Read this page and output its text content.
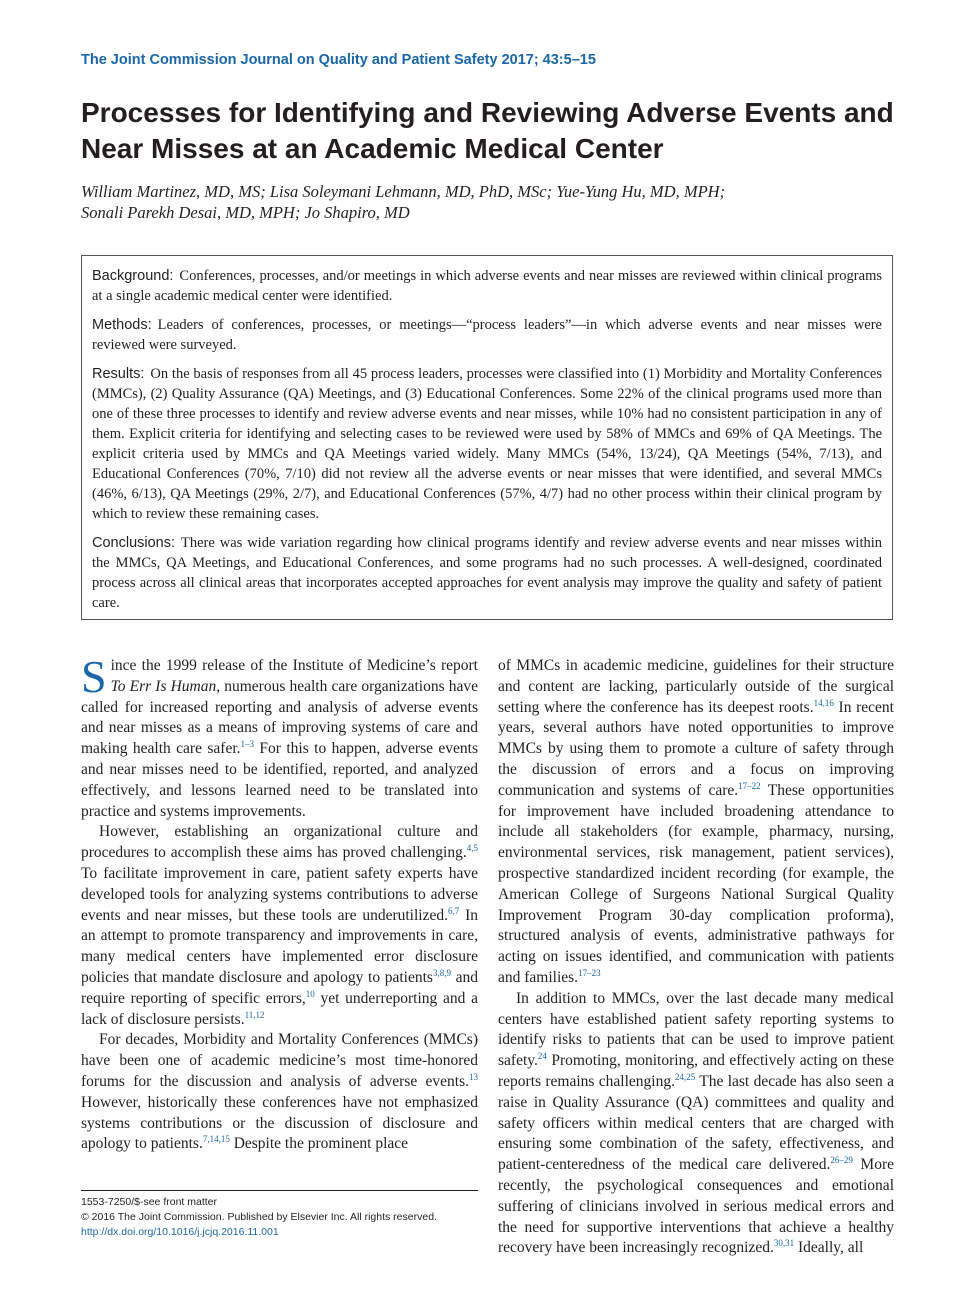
The Joint Commission Journal on Quality and Patient Safety 2017; 43:5–15
Processes for Identifying and Reviewing Adverse Events and Near Misses at an Academic Medical Center
William Martinez, MD, MS; Lisa Soleymani Lehmann, MD, PhD, MSc; Yue-Yung Hu, MD, MPH;
Sonali Parekh Desai, MD, MPH; Jo Shapiro, MD

Background: Conferences, processes, and/or meetings in which adverse events and near misses are reviewed within clinical programs at a single academic medical center were identified.

Methods: Leaders of conferences, processes, or meetings—“process leaders”—in which adverse events and near misses were reviewed were surveyed.

Results: On the basis of responses from all 45 process leaders, processes were classified into (1) Morbidity and Mortality Conferences (MMCs), (2) Quality Assurance (QA) Meetings, and (3) Educational Conferences. Some 22% of the clinical programs used more than one of these three processes to identify and review adverse events and near misses, while 10% had no consistent participation in any of them. Explicit criteria for identifying and selecting cases to be reviewed were used by 58% of MMCs and 69% of QA Meetings. The explicit criteria used by MMCs and QA Meetings varied widely. Many MMCs (54%, 13/24), QA Meetings (54%, 7/13), and Educational Conferences (70%, 7/10) did not review all the adverse events or near misses that were identified, and several MMCs (46%, 6/13), QA Meetings (29%, 2/7), and Educational Conferences (57%, 4/7) had no other process within their clinical program by which to review these remaining cases.

Conclusions: There was wide variation regarding how clinical programs identify and review adverse events and near misses within the MMCs, QA Meetings, and Educational Conferences, and some programs had no such processes. A well-designed, coordinated process across all clinical areas that incorporates accepted approaches for event analysis may improve the quality and safety of patient care.

Since the 1999 release of the Institute of Medicine’s report To Err Is Human, numerous health care organizations have called for increased reporting and analysis of adverse events and near misses as a means of improving systems of care and making health care safer.$^{1-3}$ For this to happen, adverse events and near misses need to be identified, reported, and analyzed effectively, and lessons learned need to be translated into practice and systems improvements.

However, establishing an organizational culture and procedures to accomplish these aims has proved challenging.$^{4,5}$ To facilitate improvement in care, patient safety experts have developed tools for analyzing systems contributions to adverse events and near misses, but these tools are underutilized.$^{6,7}$ In an attempt to promote transparency and improvements in care, many medical centers have implemented error disclosure policies that mandate disclosure and apology to patients$^{3,8,9}$ and require reporting of specific errors,$^{10}$ yet underreporting and a lack of disclosure persists.$^{11,12}$

For decades, Morbidity and Mortality Conferences (MMCs) have been one of academic medicine’s most time-honored forums for the discussion and analysis of adverse events.$^{13}$ However, historically these conferences have not emphasized systems contributions or the discussion of disclosure and apology to patients.$^{7,14,15}$ Despite the prominent place

of MMCs in academic medicine, guidelines for their structure and content are lacking, particularly outside of the surgical setting where the conference has its deepest roots.$^{14,16}$ In recent years, several authors have noted opportunities to improve MMCs by using them to promote a culture of safety through the discussion of errors and a focus on improving communication and systems of care.$^{17-22}$ These opportunities for improvement have included broadening attendance to include all stakeholders (for example, pharmacy, nursing, environmental services, risk management, patient services), prospective standardized incident recording (for example, the American College of Surgeons National Surgical Quality Improvement Program 30-day complication proforma), structured analysis of events, administrative pathways for acting on issues identified, and communication with patients and families.$^{17-23}$

In addition to MMCs, over the last decade many medical centers have established patient safety reporting systems to identify risks to patients that can be used to improve patient safety.$^{24}$ Promoting, monitoring, and effectively acting on these reports remains challenging.$^{24,25}$ The last decade has also seen a raise in Quality Assurance (QA) committees and quality and safety officers within medical centers that are charged with ensuring some combination of the safety, effectiveness, and patient-centeredness of the medical care delivered.$^{26-29}$ More recently, the psychological consequences and emotional suffering of clinicians involved in serious medical errors and the need for supportive interventions that achieve a healthy recovery have been increasingly recognized.$^{30,31}$ Ideally, all

1553-7250/$-see front matter
© 2016 The Joint Commission. Published by Elsevier Inc. All rights reserved.
http://dx.doi.org/10.1016/j.jcjq.2016.11.001
